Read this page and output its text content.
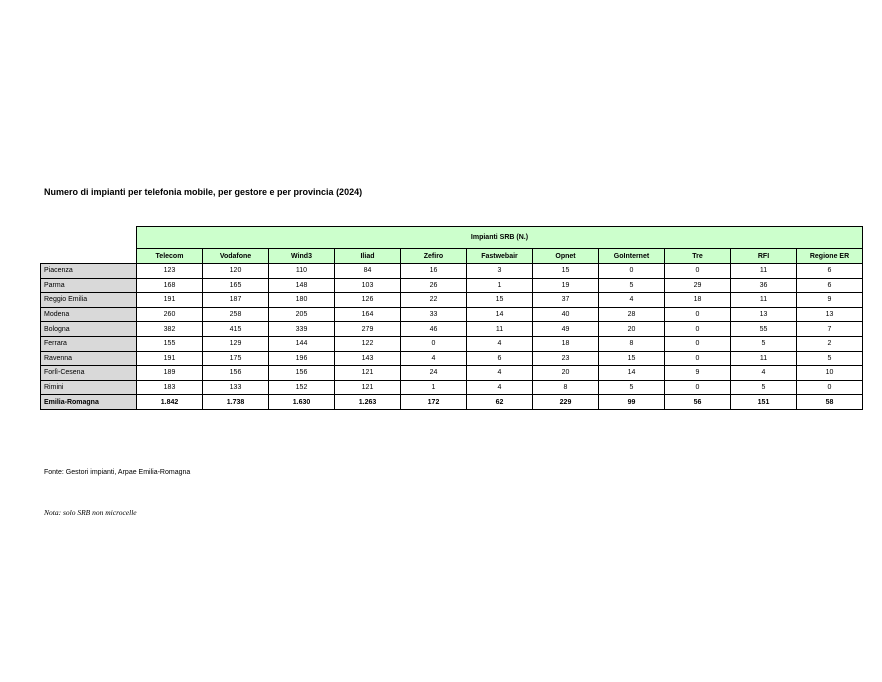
Numero di impianti per telefonia mobile, per gestore e per provincia (2024)
	Impianti SRB (N.)										
	Telecom	Vodafone	Wind3	Iliad	Zefiro	Fastwebair	Opnet	GoInternet	Tre	RFI	Regione ER
Piacenza	123	120	110	84	16	3	15	0	0	11	6
Parma	168	165	148	103	26	1	19	5	29	36	6
Reggio Emilia	191	187	180	126	22	15	37	4	18	11	9
Modena	260	258	205	164	33	14	40	28	0	13	13
Bologna	382	415	339	279	46	11	49	20	0	55	7
Ferrara	155	129	144	122	0	4	18	8	0	5	2
Ravenna	191	175	196	143	4	6	23	15	0	11	5
Forlì-Cesena	189	156	156	121	24	4	20	14	9	4	10
Rimini	183	133	152	121	1	4	8	5	0	5	0
Emilia-Romagna	1.842	1.738	1.630	1.263	172	62	229	99	56	151	58
Fonte: Gestori impianti, Arpae Emilia-Romagna
Nota: solo SRB non microcelle
